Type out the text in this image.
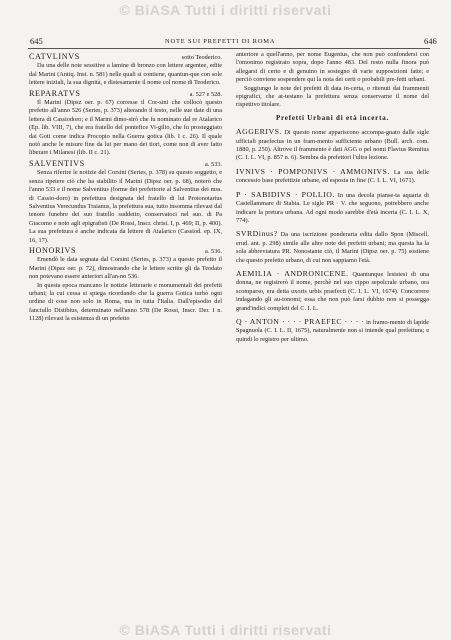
© BiASA Tutti i diritti riservati
645	NOTE SUI PREFETTI DI ROMA	646
CATVLINVS	sotto Teoderico.

Da una delle note sessitive a lamine di bronzo con lettere argentee, edite dal Marini (Antiq. Inst. n. 581) nelle quali si contiene, quantun-que con sole lettere iniziali, la sua dignità, e distesamente il nome col nome di Teoderico.

REPARATVS	a. 527 e 528.

Il Marini (Dipsz oer. p. 67) corresse il Cor-sini che collocò questo prefetto all'anno 526 (Series, p. 373) alterando il testo, nelle sue date di una lettera di Cassiodoro; e il Marini dimo-strò che fu nominato dal re Atalarico (Ep. lib. VIII, 7), che era fratello del pontefice Vi-gilio, che fu prosteggiato dai Goti come indica Procopio nella Guerra gotica (lib. I c. 26). Il quale notò anche le misure fine da lui per mano dei tiori, come non di aver fatto liberare i Milanesi (lib. II c. 21).

SALVENTIVS	a. 533.

Senza riferire le notizie del Corsini (Series, p. 378) su questo soggetto, e senza ripetere ciò che ha stabilito il Marini (Dipsz oer. p. 68), noterò che l'anno 533 e il nome Salventius (forme dei prefettorie al Salventius dei mss. di Cassio-doro) in prefettura designata del fratello di lui Protonotarius Salventius Verecundus Traianus, la prefettura sua, tutto insomma rilevasi dal tenore funebre dei suo fratello suddetto, conservatoci nel suo. di Pa Giacomo e noto agli epigrafisti (De Rossi, Inscr. christ. I, p. 469; II, p. 400). La sua prefettura è anche indicata da lettere di Atalarico (Cassiod. ep. IX, 16, 17).

HONORIVS	a. 536.

Emendò le data segnata dal Corsini (Series, p. 373) a questo prefetto il Marini (Dipsz oer. p. 72), dimostrando che le lettere scritte gli da Teodato non potevano essere anteriori all'an-no 536.

In questa epoca mancano le notizie letterarie e monumentali dei prefetti urbani; la cui cessa si spiega ricordando che la guerra Gotica turbò ogni ordine di cose non solo in Roma, ma in tutta l'Italia. Dall'episodio del fanciullo Distibius, determinato nell'anno 578 (De Rossi, Inscr. Der. I n. 1128) rilevasi la esistenza di un prefetto

anteriore a quell'anno, per nome Eugenius, che non può confondersi con l'omonimo registrato sopra, dopo l'anno 483. Del resto nulla finora può allegarsi di certo e di genuino in sostegno di varie supposizioni fatte; e perciò conviene sospendere qui la nota dei certi o probabili pre-fetti urbani.

Soggiungo le note dei prefetti di data in-certa, o ritenuti dai frammenti epigrafici, che at-testano la prefettura senza conservarne il nome del rispettivo titolare.

Prefetti Urbani di età incerta.

AGGERIVS. Di questo nome appariscono accompa-gnato dalle sigle ufficiali praefectus in un fram-mento sufficiente urbano (Bull. arch. com. 1880, p. 250). Altrove il frammento è dati AGG o pel nomi Flavius Remitus (C. I. L. VI, p. 857 n. 6). Sembra da prefettori l'ultra lezione.

IVNIVS · POMPONIVS · AMMONIVS. La sua delle concessio base prefettizie urbane, ed esposta in fine (C. I. L. VI, 1671).

P · SABIDIVS · POLLIO. In una decola pianse-ta aquaria di Castellammare di Stabia. Le sigle PR · V. che seguono, potrebbero anche indicare la pretura urbana. Ad ogni modo sarebbe d'età incerta (C. I. L. X, 774).

SVRDinus? Da una iscrizione ponderaria edita dallo Spon (Miscell. erud. ant. p. 298) simile alle altre note dei prefetti urbani; ma questa ha la sola abbreviatura PR. Nonostante ciò, il Marini (Dipsz oer. p. 75) sostiene che questo prefetto urbano, di cui non sappiamo l'età.

AEMILIA · ANDRONICENE. Quantunque lesistesi di una donna, ne registrerò il nome, perchè nel suo cippo sepolcrale urbano, ora scomparso, era detta uxoris urbis praefecti (C. I. L. VI, 1674). Concorrere indagando gli au-tonomi; essa che non può farsi dubbio non si possegga grand'indici completi del C. I. L.

Q · ANTON · · · · PRAEFEC · · · · in framo-mento di lapide Spagnuola (C. I. L. II, 1675), naturalmente non si intende qual prefettura; e quindi lo registro per ultimo.

© BiASA Tutti i diritti riservati
